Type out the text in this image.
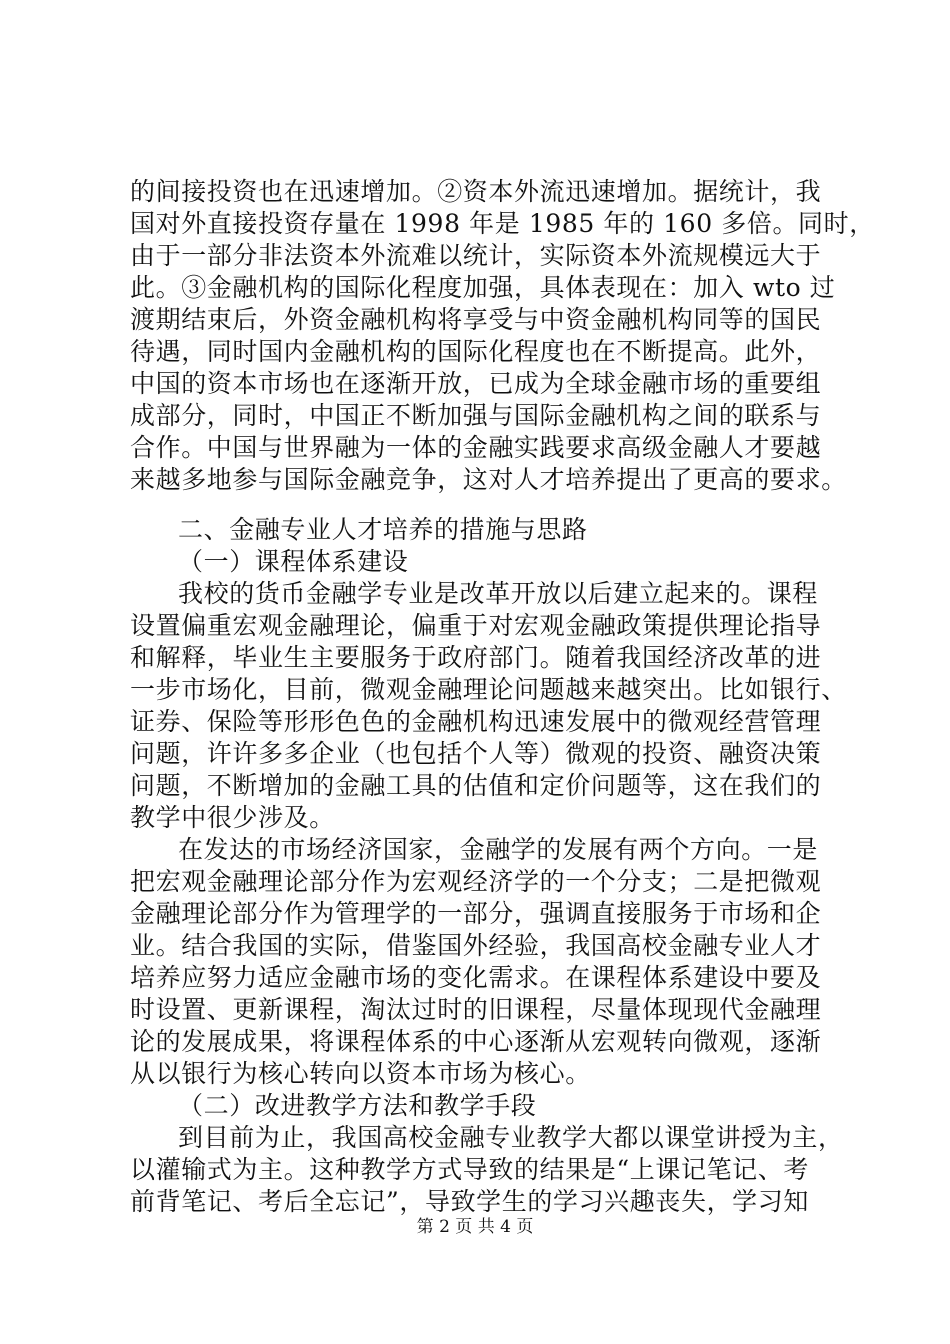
的间接投资也在迅速增加。②资本外流迅速增加。据统计，我
国对外直接投资存量在 1998 年是 1985 年的 160 多倍。同时，
由于一部分非法资本外流难以统计，实际资本外流规模远大于
此。③金融机构的国际化程度加强，具体表现在：加入 wto 过
渡期结束后，外资金融机构将享受与中资金融机构同等的国民
待遇，同时国内金融机构的国际化程度也在不断提高。此外，
中国的资本市场也在逐渐开放，已成为全球金融市场的重要组
成部分，同时，中国正不断加强与国际金融机构之间的联系与
合作。中国与世界融为一体的金融实践要求高级金融人才要越
来越多地参与国际金融竞争，这对人才培养提出了更高的要求。
二、金融专业人才培养的措施与思路
（一）课程体系建设
我校的货币金融学专业是改革开放以后建立起来的。课程
设置偏重宏观金融理论，偏重于对宏观金融政策提供理论指导
和解释，毕业生主要服务于政府部门。随着我国经济改革的进
一步市场化，目前，微观金融理论问题越来越突出。比如银行、
证券、保险等形形色色的金融机构迅速发展中的微观经营管理
问题，许许多多企业（也包括个人等）微观的投资、融资决策
问题，不断增加的金融工具的估值和定价问题等，这在我们的
教学中很少涉及。
在发达的市场经济国家，金融学的发展有两个方向。一是
把宏观金融理论部分作为宏观经济学的一个分支；二是把微观
金融理论部分作为管理学的一部分，强调直接服务于市场和企
业。结合我国的实际，借鉴国外经验，我国高校金融专业人才
培养应努力适应金融市场的变化需求。在课程体系建设中要及
时设置、更新课程，淘汰过时的旧课程，尽量体现现代金融理
论的发展成果，将课程体系的中心逐渐从宏观转向微观，逐渐
从以银行为核心转向以资本市场为核心。
（二）改进教学方法和教学手段
到目前为止，我国高校金融专业教学大都以课堂讲授为主，
以灌输式为主。这种教学方式导致的结果是“上课记笔记、考
前背笔记、考后全忘记”，导致学生的学习兴趣丧失，学习知
第 2 页 共 4 页
